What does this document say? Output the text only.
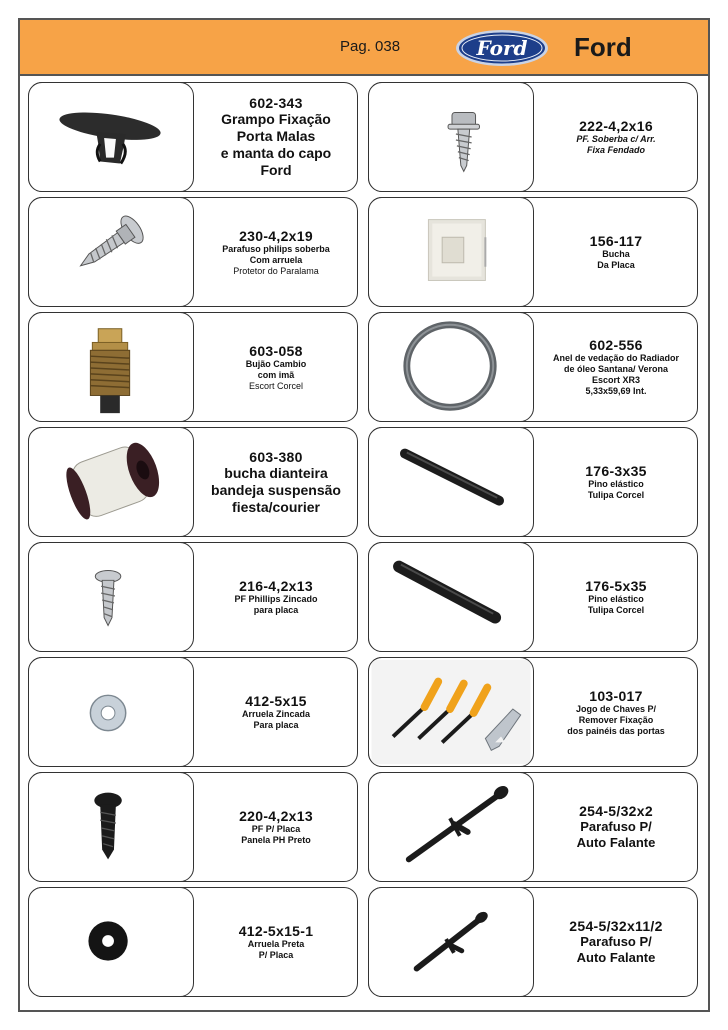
Pag. 038	Ford Ford
602-343
Grampo Fixação
Porta Malas
e manta do capo
Ford
222-4,2x16
PF. Soberba c/ Arr.
Fixa Fendado
230-4,2x19
Parafuso philips soberba
Com arruela
Protetor do Paralama
156-117
Bucha
Da Placa
603-058
Bujão Cambio
com imã
Escort Corcel
602-556
Anel de vedação do Radiador
de óleo Santana/ Verona
Escort XR3
5,33x59,69 Int.
603-380
bucha dianteira
bandeja suspensão
fiesta/courier
176-3x35
Pino elástico
Tulipa Corcel
216-4,2x13
PF Phillips Zincado
para placa
176-5x35
Pino elástico
Tulipa Corcel
412-5x15
Arruela Zincada
Para placa
103-017
Jogo de Chaves P/
Remover Fixação
dos painéis das portas
220-4,2x13
PF P/ Placa
Panela PH Preto
254-5/32x2
Parafuso P/
Auto Falante
412-5x15-1
Arruela Preta
P/ Placa
254-5/32x11/2
Parafuso P/
Auto Falante
